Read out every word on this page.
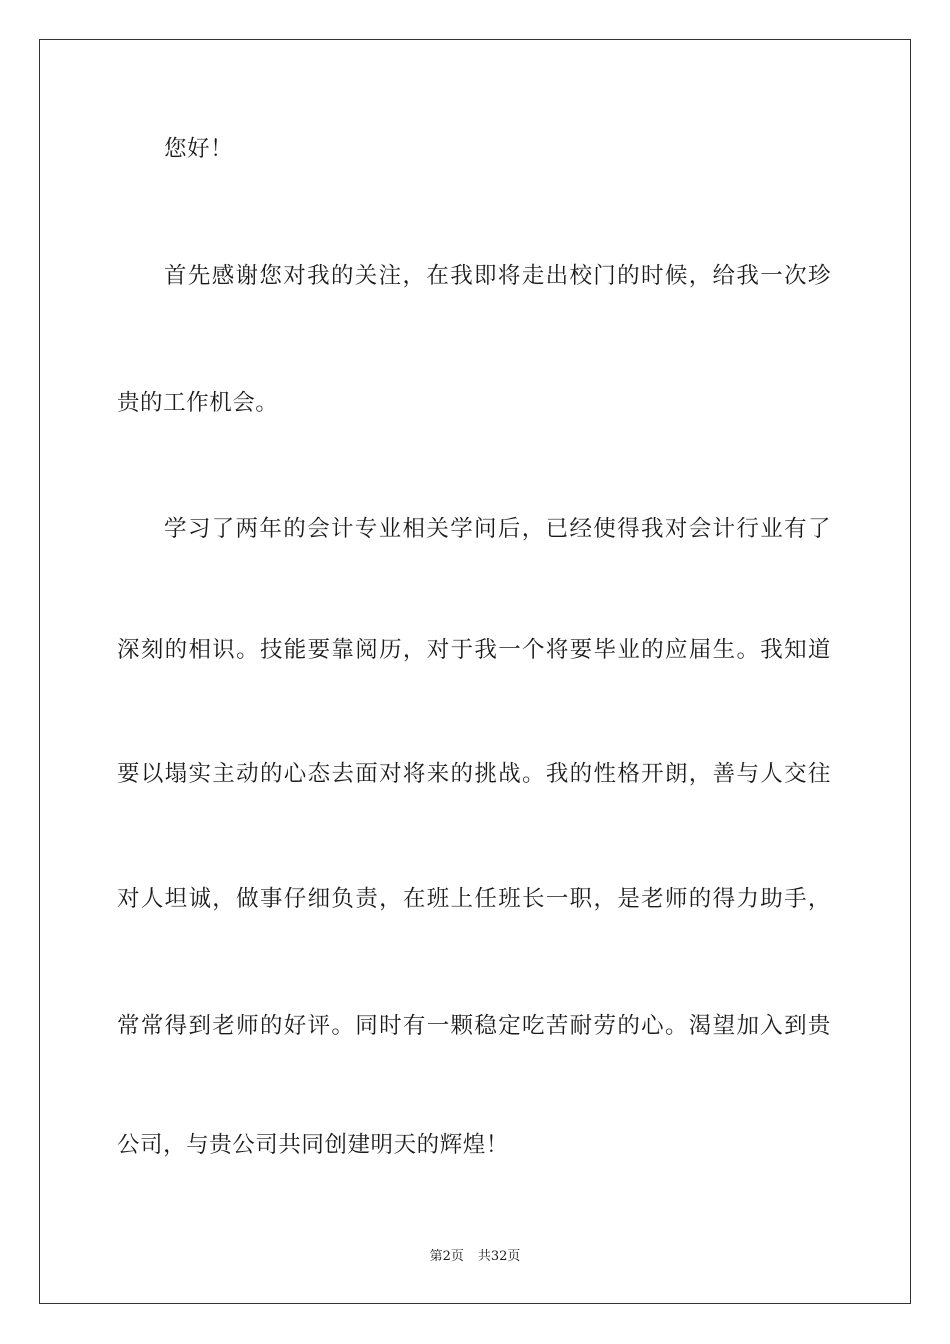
您好！
首先感谢您对我的关注，在我即将走出校门的时候，给我一次珍
贵的工作机会。
学习了两年的会计专业相关学问后，已经使得我对会计行业有了
深刻的相识。技能要靠阅历，对于我一个将要毕业的应届生。我知道
要以塌实主动的心态去面对将来的挑战。我的性格开朗，善与人交往
对人坦诚，做事仔细负责，在班上任班长一职，是老师的得力助手，
常常得到老师的好评。同时有一颗稳定吃苦耐劳的心。渴望加入到贵
公司，与贵公司共同创建明天的辉煌！
第2页 共32页
